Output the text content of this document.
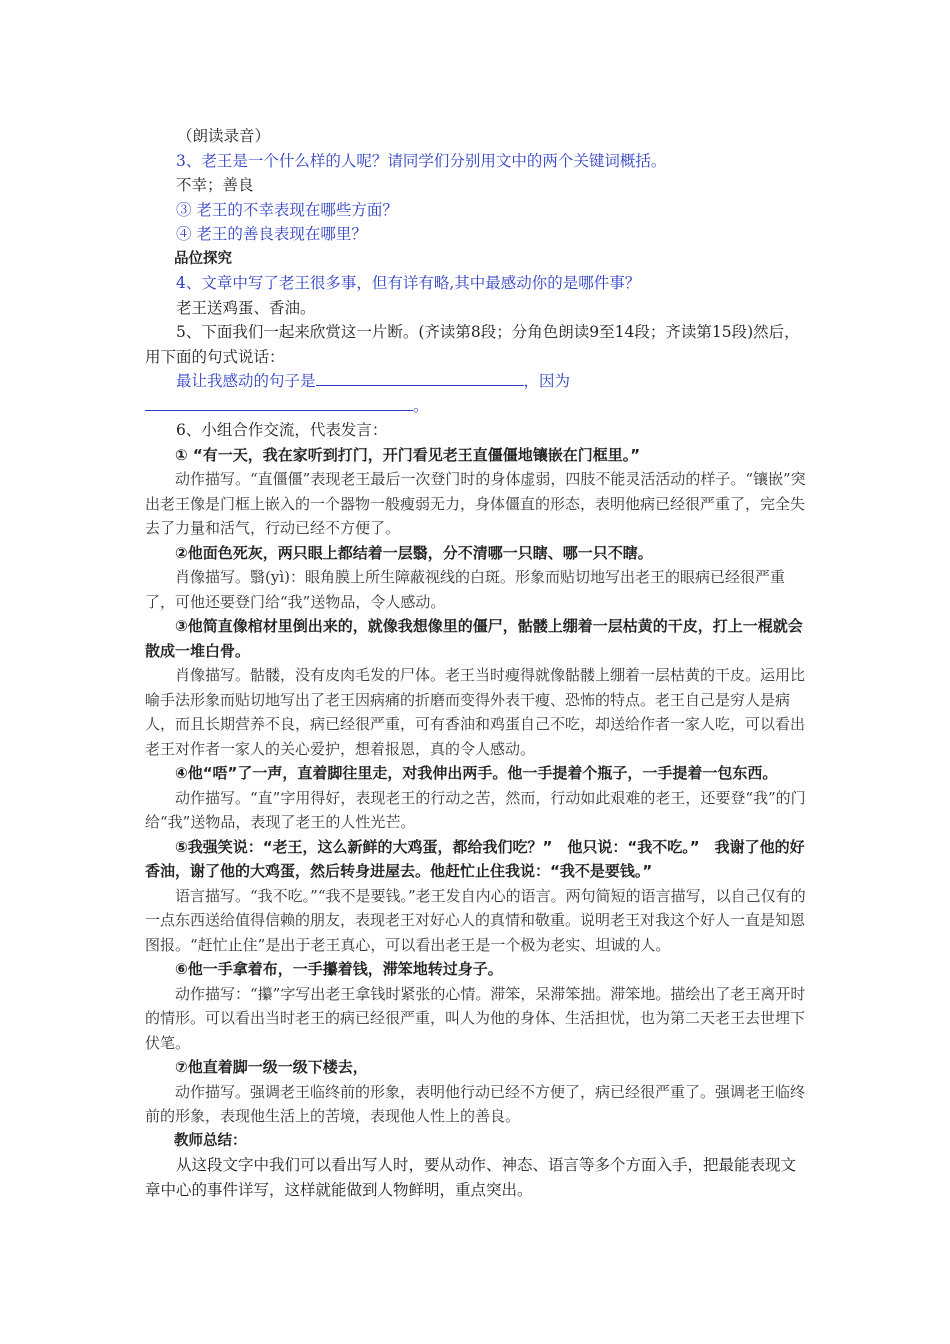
（朗读录音）

3、老王是一个什么样的人呢？请同学们分别用文中的两个关键词概括。

不幸；善良

③ 老王的不幸表现在哪些方面？

④ 老王的善良表现在哪里？

品位探究

4、文章中写了老王很多事，但有详有略,其中最感动你的是哪件事？

老王送鸡蛋、香油。

5、下面我们一起来欣赏这一片断。(齐读第8段；分角色朗读9至14段；齐读第15段)然后，用下面的句式说话：

最让我感动的句子是	，因为。

6、小组合作交流，代表发言：

① “有一天，我在家听到打门，开门看见老王直僵僵地镶嵌在门框里。”

动作描写。“直僵僵”表现老王最后一次登门时的身体虚弱，四肢不能灵活活动的样子。“镶嵌”突出老王像是门框上嵌入的一个器物一般瘦弱无力，身体僵直的形态，表明他病已经很严重了，完全失去了力量和活气，行动已经不方便了。

②他面色死灰，两只眼上都结着一层翳，分不清哪一只瞎、哪一只不瞎。

肖像描写。翳(yì)：眼角膜上所生障蔽视线的白斑。形象而贴切地写出老王的眼病已经很严重了，可他还要登门给“我”送物品，令人感动。

③他简直像棺材里倒出来的，就像我想像里的僵尸，骷髅上绷着一层枯黄的干皮，打上一棍就会散成一堆白骨。

肖像描写。骷髅，没有皮肉毛发的尸体。老王当时瘦得就像骷髅上绷着一层枯黄的干皮。运用比喻手法形象而贴切地写出了老王因病痛的折磨而变得外表干瘦、恐怖的特点。老王自己是穷人是病人，而且长期营养不良，病已经很严重，可有香油和鸡蛋自己不吃，却送给作者一家人吃，可以看出老王对作者一家人的关心爱护，想着报恩，真的令人感动。

④他“唔”了一声，直着脚往里走，对我伸出两手。他一手提着个瓶子，一手提着一包东西。

动作描写。“直”字用得好，表现老王的行动之苦，然而，行动如此艰难的老王，还要登“我”的门给“我”送物品，表现了老王的人性光芒。

⑤我强笑说：“老王，这么新鲜的大鸡蛋，都给我们吃？”　他只说：“我不吃。”　我谢了他的好香油，谢了他的大鸡蛋，然后转身进屋去。他赶忙止住我说：“我不是要钱。”

语言描写。“我不吃。”“我不是要钱。”老王发自内心的语言。两句简短的语言描写，以自己仅有的一点东西送给值得信赖的朋友，表现老王对好心人的真情和敬重。说明老王对我这个好人一直是知恩图报。“赶忙止住”是出于老王真心，可以看出老王是一个极为老实、坦诚的人。

⑥他一手拿着布，一手攥着钱，滞笨地转过身子。

动作描写：“攥”字写出老王拿钱时紧张的心情。滞笨，呆滞笨拙。滞笨地。描绘出了老王离开时的情形。可以看出当时老王的病已经很严重，叫人为他的身体、生活担忧，也为第二天老王去世埋下伏笔。

⑦他直着脚一级一级下楼去，

动作描写。强调老王临终前的形象，表明他行动已经不方便了，病已经很严重了。强调老王临终前的形象，表现他生活上的苦境，表现他人性上的善良。

教师总结：

从这段文字中我们可以看出写人时，要从动作、神态、语言等多个方面入手，把最能表现文章中心的事件详写，这样就能做到人物鲜明，重点突出。
